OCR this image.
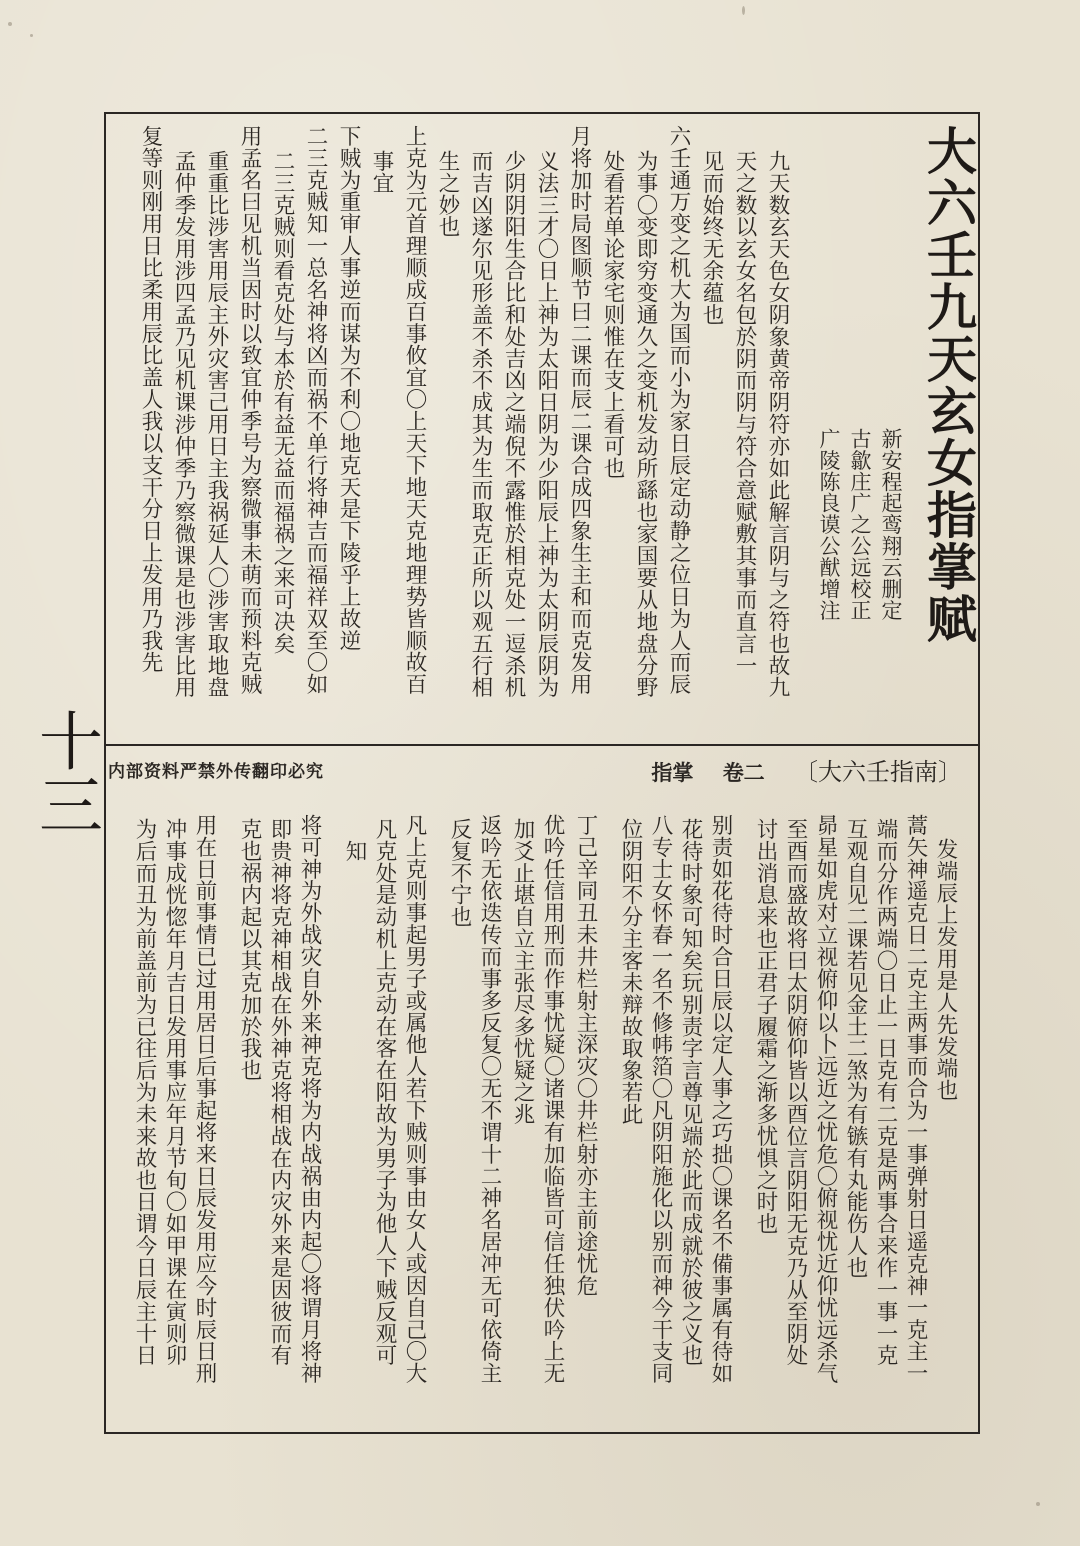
大六壬九天玄女指掌赋
新安程起鸾翔云删定
古歙庄广之公远校正
广陵陈良谟公猷增注
九天数玄天色女阴象黄帝阴符亦如此解言阴与之符也故九
天之数以玄女名包於阴而阴与符合意赋敷其事而直言一
见而始终无余蕴也
六壬通万变之机大为国而小为家日辰定动静之位日为人而辰
为事〇变即穷变通久之变机发动所繇也家国要从地盘分野
处看若单论家宅则惟在支上看可也
月将加时局图顺节曰二课而辰二课合成四象生主和而克发用
义法三才〇日上神为太阳日阴为少阳辰上神为太阴辰阴为
少阴阴阳生合比和处吉凶之端倪不露惟於相克处一逗杀机
而吉凶遂尔见形盖不杀不成其为生而取克正所以观五行相
生之妙也
上克为元首理顺成百事攸宜〇上天下地天克地理势皆顺故百
事宜
下贼为重审人事逆而谋为不利〇地克天是下陵乎上故逆
二三克贼知一总名神将凶而祸不单行将神吉而福祥双至〇如
二三克贼则看克处与本於有益无益而福祸之来可决矣
用孟名曰见机当因时以致宜仲季号为察微事未萌而预料克贼
重重比涉害用辰主外灾害己用日主我祸延人〇涉害取地盘
孟仲季发用涉四孟乃见机课涉仲季乃察微课是也涉害比用
复等则刚用日比柔用辰比盖人我以支干分日上发用乃我先
内部资料严禁外传翻印必究	指掌 卷二 〔大六壬指南〕
十三
发端辰上发用是人先发端也
蒿矢神遥克日二克主两事而合为一事弹射日遥克神一克主一
端而分作两端〇日止一日克有二克是两事合来作一事一克
互观自见二课若见金土二煞为有镞有丸能伤人也
昴星如虎对立视俯仰以卜远近之忧危〇俯视忧近仰忧远杀气
至酉而盛故将曰太阴俯仰皆以酉位言阴阳无克乃从至阴处
讨出消息来也正君子履霜之渐多忧惧之时也
别责如花待时合日辰以定人事之巧拙〇课名不備事属有待如
花待时象可知矣玩别责字言尊见端於此而成就於彼之义也
八专士女怀春一名不修帏箔〇凡阴阳施化以别而神今干支同
位阴阳不分主客未辩故取象若此
丁己辛同丑未井栏射主深灾〇井栏射亦主前途忧危
优吟任信用刑而作事忧疑〇诸课有加临皆可信任独伏吟上无
加爻止堪自立主张尽多忧疑之兆
返吟无依迭传而事多反复〇无不谓十二神名居冲无可依倚主
反复不宁也
凡上克则事起男子或属他人若下贼则事由女人或因自己〇大
凡克处是动机上克动在客在阳故为男子为他人下贼反观可
知
将可神为外战灾自外来神克将为内战祸由内起〇将谓月将神
即贵神将克神相战在外神克将相战在内灾外来是因彼而有
克也祸内起以其克加於我也
用在日前事情已过用居日后事起将来日辰发用应今时辰日刑
冲事成恍惚年月吉日发用事应年月节旬〇如甲课在寅则卯
为后而丑为前盖前为已往后为未来故也日谓今日辰主十日
